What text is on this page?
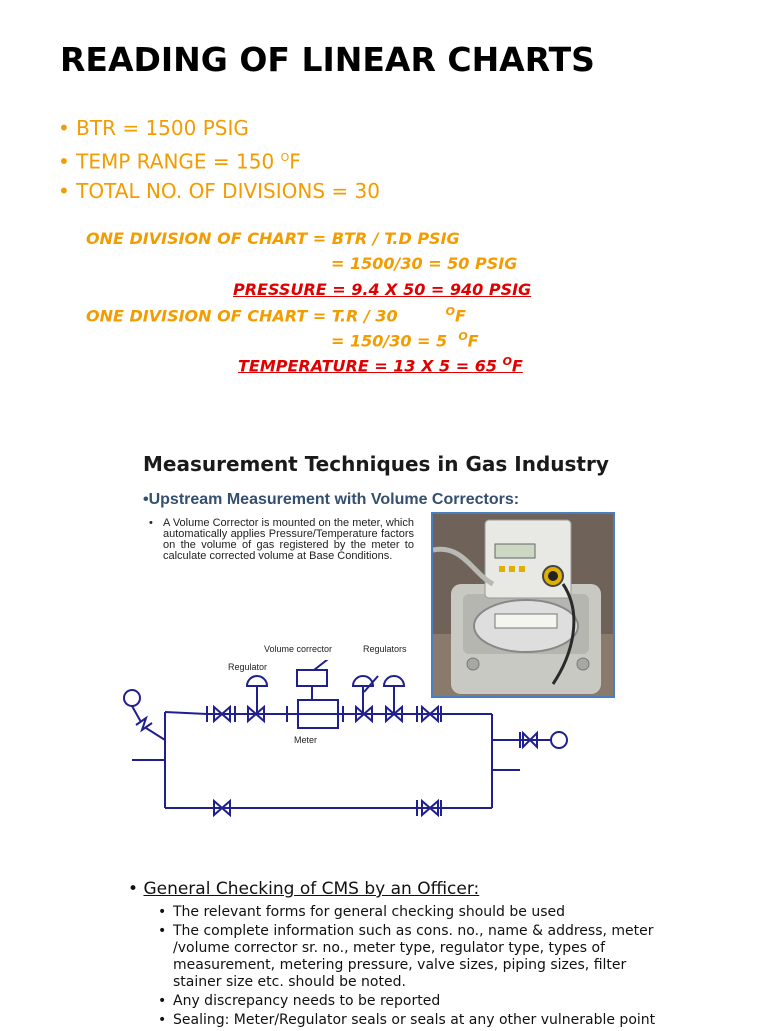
READING OF LINEAR CHARTS
• BTR = 1500 PSIG
• TEMP RANGE = 150 $^O$F
• TOTAL NO. OF DIVISIONS = 30
ONE DIVISION OF CHART = BTR / T.D PSIG
= 1500/30 = 50 PSIG
PRESSURE = 9.4 X 50 = 940 PSIG
ONE DIVISION OF CHART = T.R / 30	$^O$F
= 150/30 = 5 $^O$F
TEMPERATURE = 13 X 5 = 65 $^O$F
Measurement Techniques in Gas Industry
•Upstream Measurement with Volume Correctors:
• A Volume Corrector is mounted on the meter, which automatically applies Pressure/Temperature factors on the volume of gas registered by the meter to calculate corrected volume at Base Conditions.
Volume corrector	Regulators
Regulator
Meter
• General Checking of CMS by an Officer:
• The relevant forms for general checking should be used
• The complete information such as cons. no., name & address, meter /volume corrector sr. no., meter type, regulator type, types of measurement, metering pressure, valve sizes, piping sizes, filter stainer size etc. should be noted.
• Any discrepancy needs to be reported
• Sealing: Meter/Regulator seals or seals at any other vulnerable point
